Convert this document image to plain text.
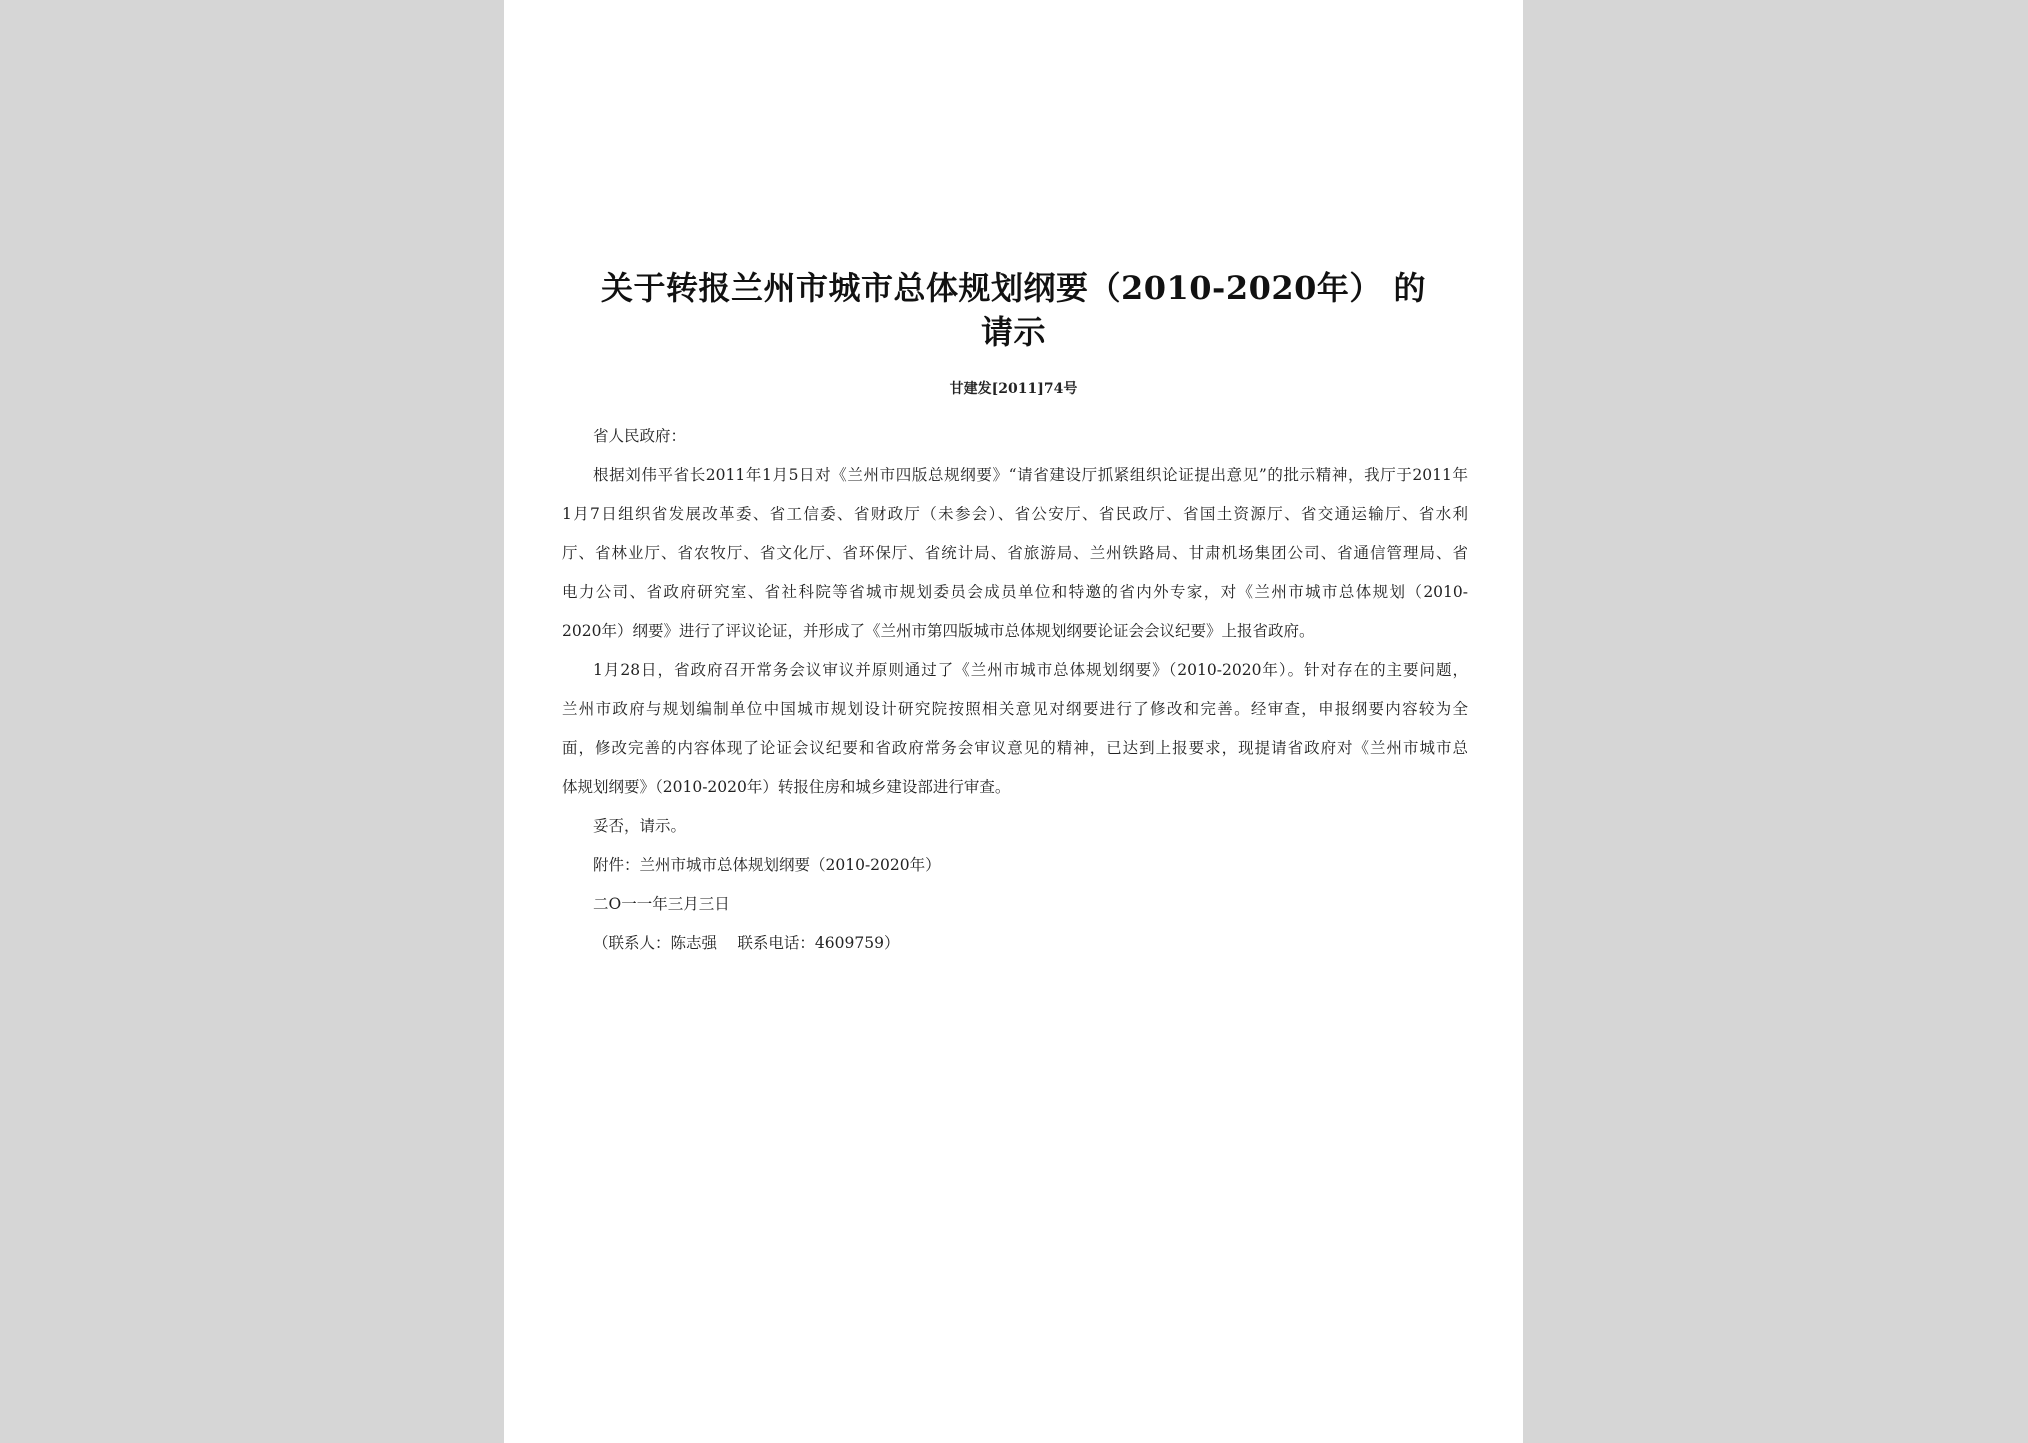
关于转报兰州市城市总体规划纲要（2010-2020年） 的
请示
甘建发[2011]74号
省人民政府：
根据刘伟平省长2011年1月5日对《兰州市四版总规纲要》“请省建设厅抓紧组织论证提出意见”的批示精神，我厅于2011年
1月7日组织省发展改革委、省工信委、省财政厅（未参会）、省公安厅、省民政厅、省国土资源厅、省交通运输厅、省水利
厅、省林业厅、省农牧厅、省文化厅、省环保厅、省统计局、省旅游局、兰州铁路局、甘肃机场集团公司、省通信管理局、省
电力公司、省政府研究室、省社科院等省城市规划委员会成员单位和特邀的省内外专家，对《兰州市城市总体规划（2010-
2020年）纲要》进行了评议论证，并形成了《兰州市第四版城市总体规划纲要论证会会议纪要》上报省政府。
1月28日，省政府召开常务会议审议并原则通过了《兰州市城市总体规划纲要》（2010-2020年）。针对存在的主要问题，
兰州市政府与规划编制单位中国城市规划设计研究院按照相关意见对纲要进行了修改和完善。经审查，申报纲要内容较为全
面，修改完善的内容体现了论证会议纪要和省政府常务会审议意见的精神，已达到上报要求，现提请省政府对《兰州市城市总
体规划纲要》（2010-2020年）转报住房和城乡建设部进行审查。
妥否，请示。
附件：兰州市城市总体规划纲要（2010-2020年）
二O一一年三月三日
（联系人：陈志强　 联系电话：4609759）
